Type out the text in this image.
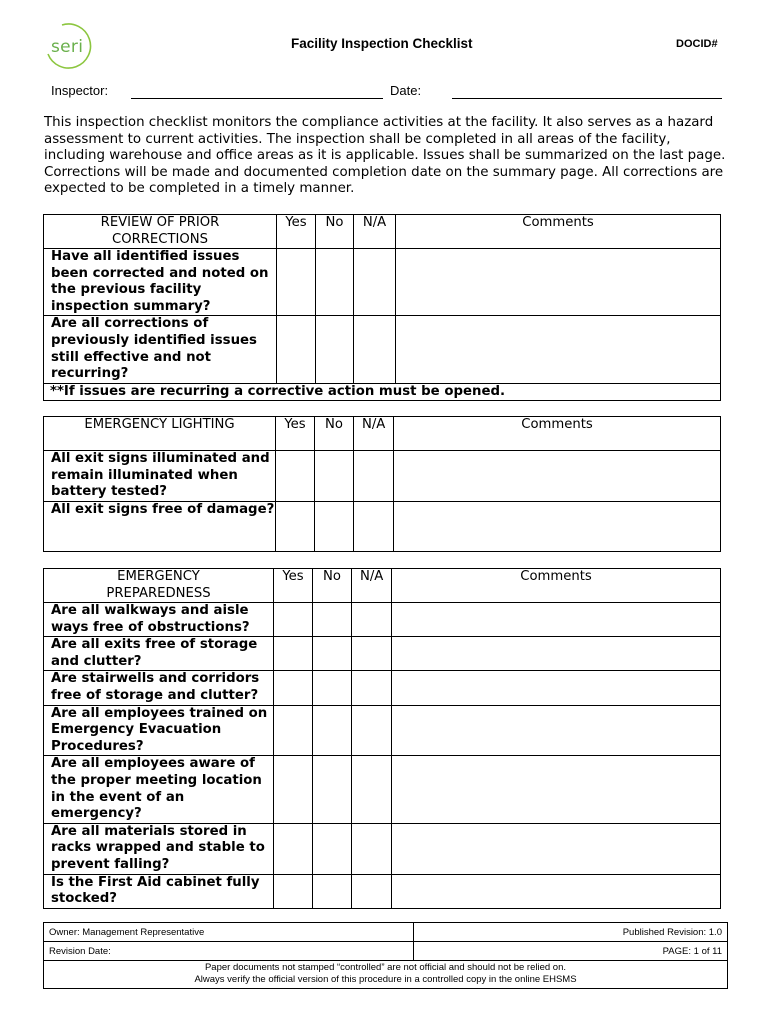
seri	Facility Inspection Checklist	DOCID#
Inspector:	Date:
This inspection checklist monitors the compliance activities at the facility. It also serves as a hazard assessment to current activities. The inspection shall be completed in all areas of the facility, including warehouse and office areas as it is applicable. Issues shall be summarized on the last page. Corrections will be made and documented completion date on the summary page. All corrections are expected to be completed in a timely manner.
REVIEW OF PRIOR CORRECTIONS	Yes	No	N/A	Comments
Have all identified issues been corrected and noted on the previous facility inspection summary?				
Are all corrections of previously identified issues still effective and not recurring?				
**If issues are recurring a corrective action must be opened.				
EMERGENCY LIGHTING	Yes	No	N/A	Comments
All exit signs illuminated and remain illuminated when battery tested?				
All exit signs free of damage?				
EMERGENCY PREPAREDNESS	Yes	No	N/A	Comments
Are all walkways and aisle ways free of obstructions?				
Are all exits free of storage and clutter?				
Are stairwells and corridors free of storage and clutter?				
Are all employees trained on Emergency Evacuation Procedures?				
Are all employees aware of the proper meeting location in the event of an emergency?				
Are all materials stored in racks wrapped and stable to prevent falling?				
Is the First Aid cabinet fully stocked?				
Owner: Management Representative	Published Revision: 1.0
Revision Date:	PAGE: 1 of 11

Paper documents not stamped “controlled” are not official and should not be relied on.
Always verify the official version of this procedure in a controlled copy in the online EHSMS	
